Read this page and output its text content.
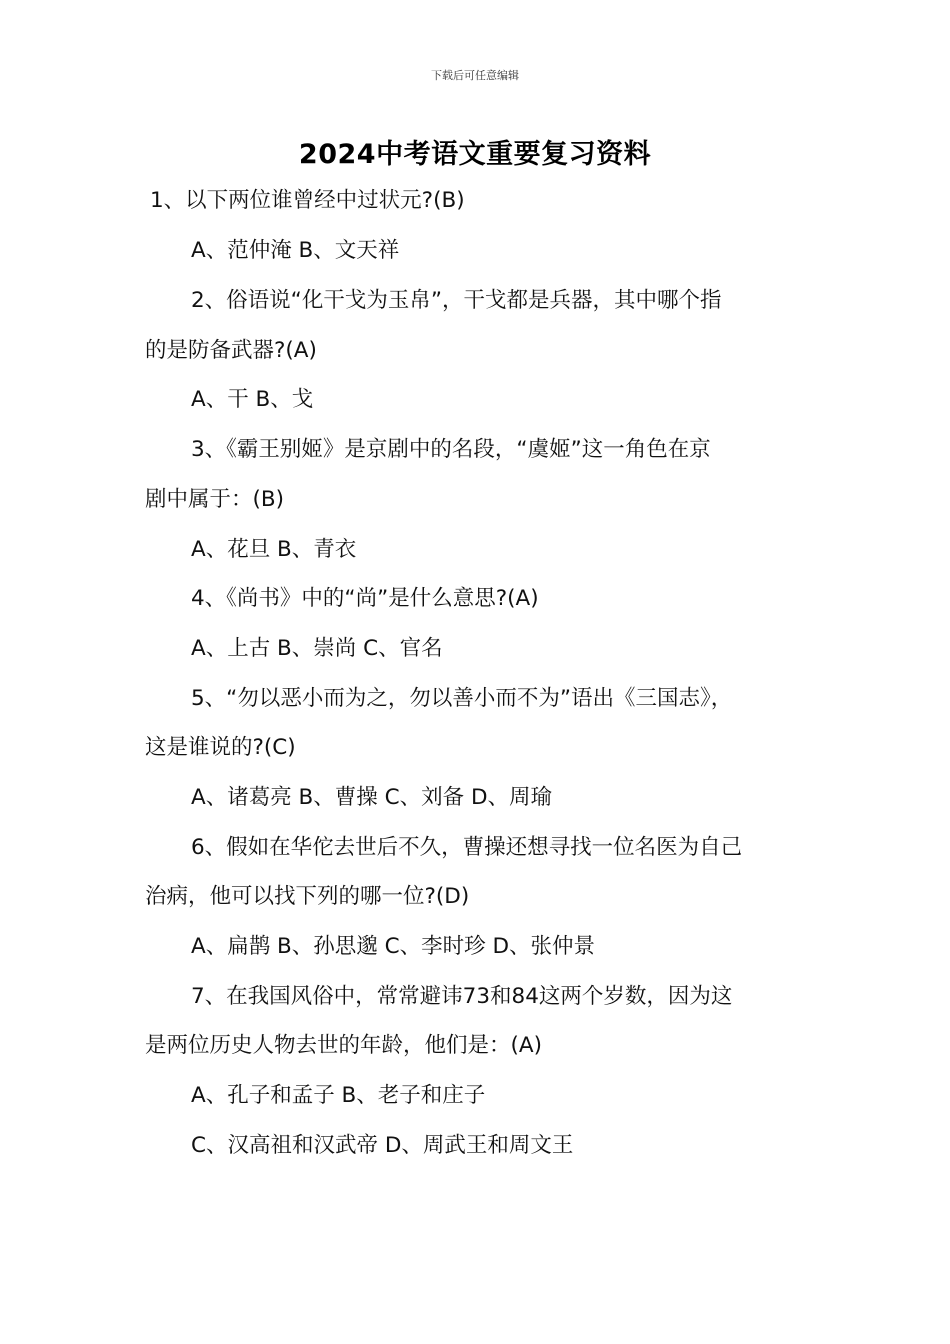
下载后可任意编辑
2024中考语文重要复习资料
1、以下两位谁曾经中过状元?(B)
A、范仲淹 B、文天祥
2、俗语说“化干戈为玉帛”，干戈都是兵器，其中哪个指
的是防备武器?(A)
A、干 B、戈
3、《霸王别姬》是京剧中的名段，“虞姬”这一角色在京
剧中属于：(B)
A、花旦 B、青衣
4、《尚书》中的“尚”是什么意思?(A)
A、上古 B、崇尚 C、官名
5、“勿以恶小而为之，勿以善小而不为”语出《三国志》，
这是谁说的?(C)
A、诸葛亮 B、曹操 C、刘备 D、周瑜
6、假如在华佗去世后不久，曹操还想寻找一位名医为自己
治病，他可以找下列的哪一位?(D)
A、扁鹊 B、孙思邈 C、李时珍 D、张仲景
7、在我国风俗中，常常避讳73和84这两个岁数，因为这
是两位历史人物去世的年龄，他们是：(A)
A、孔子和孟子 B、老子和庄子
C、汉高祖和汉武帝 D、周武王和周文王
